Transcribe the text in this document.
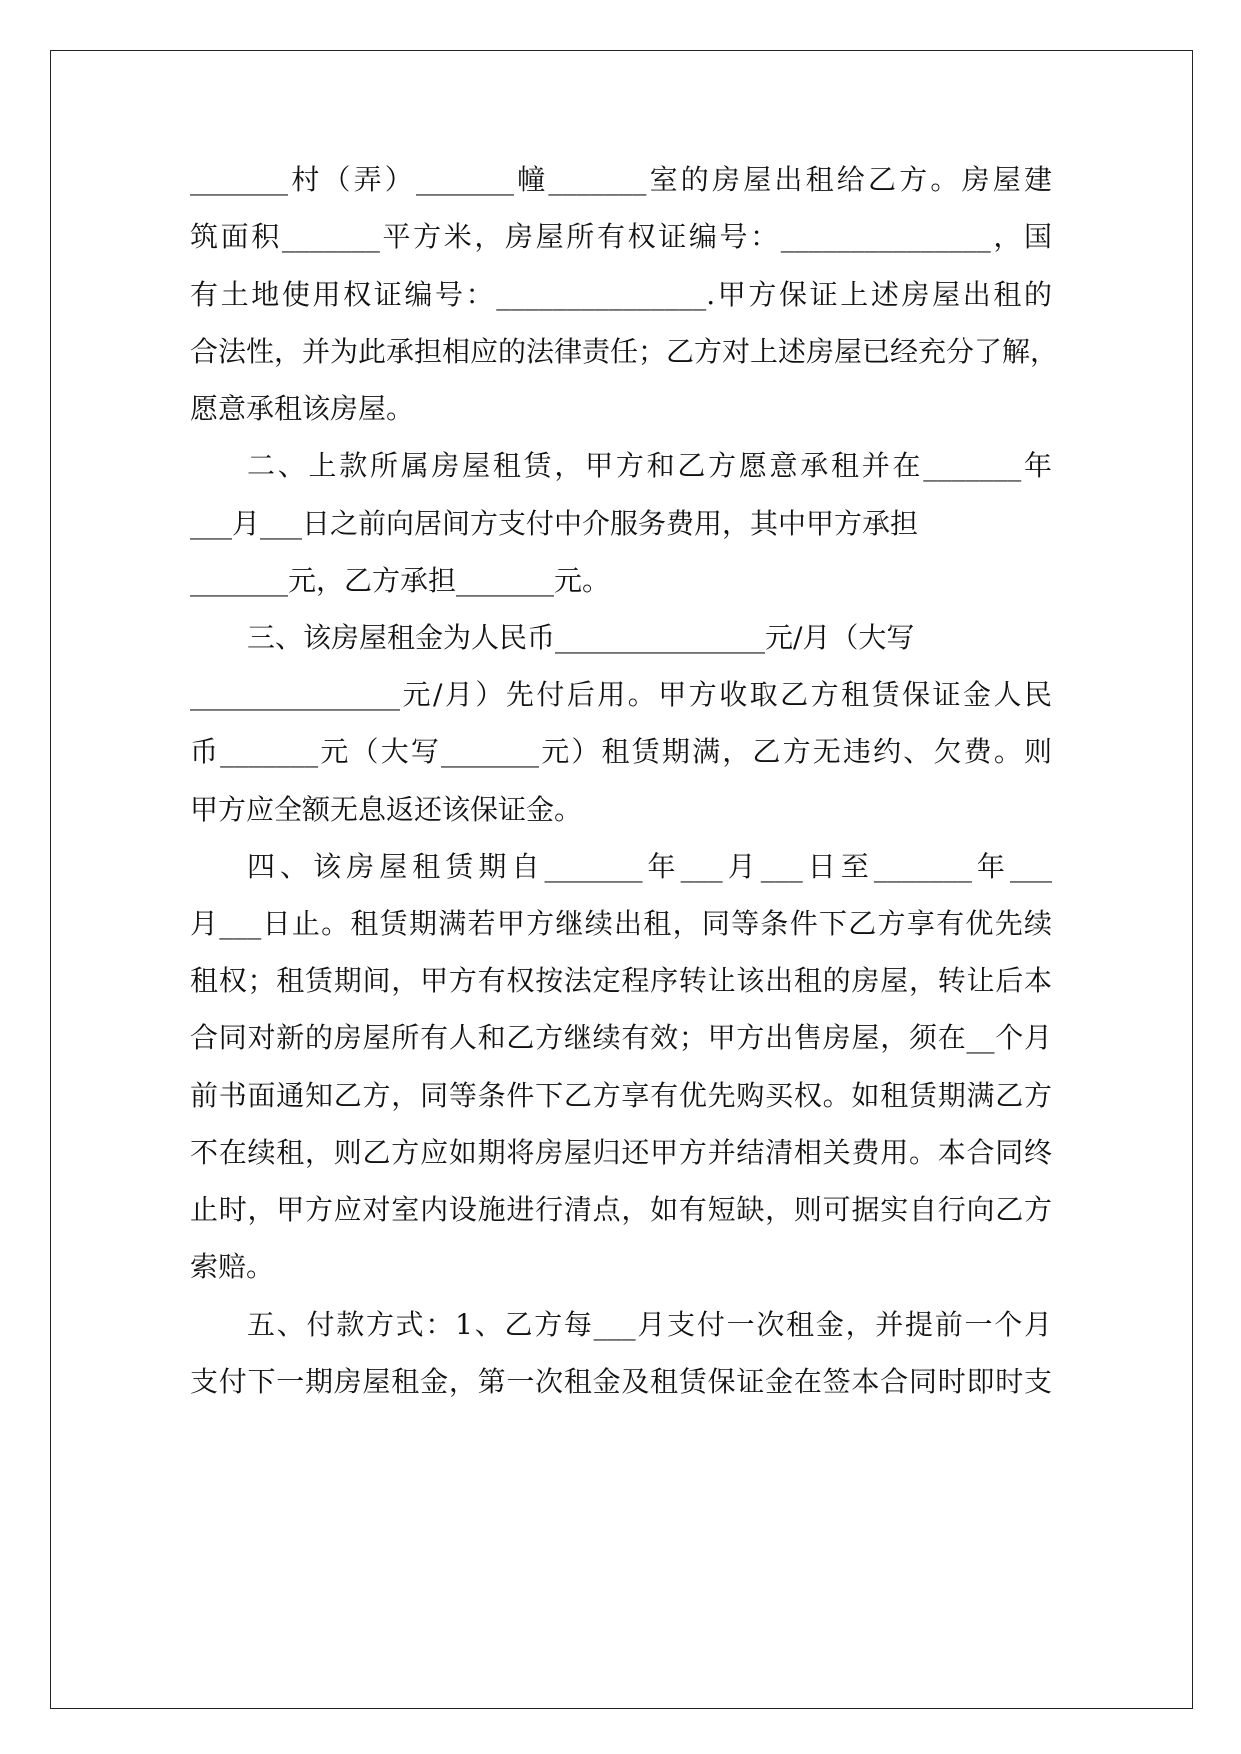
_______村（弄）_______幢_______室的房屋出租给乙方。房屋建
筑面积_______平方米，房屋所有权证编号：_______________，国
有土地使用权证编号：_______________.甲方保证上述房屋出租的
合法性，并为此承担相应的法律责任；乙方对上述房屋已经充分了解，
愿意承租该房屋。
二、上款所属房屋租赁，甲方和乙方愿意承租并在_______年
___月___日之前向居间方支付中介服务费用，其中甲方承担
_______元，乙方承担_______元。
三、该房屋租金为人民币_______________元/月（大写
_______________元/月）先付后用。甲方收取乙方租赁保证金人民
币_______元（大写_______元）租赁期满，乙方无违约、欠费。则
甲方应全额无息返还该保证金。
四、该房屋租赁期自_______年___月___日至_______年___
月___日止。租赁期满若甲方继续出租，同等条件下乙方享有优先续
租权；租赁期间，甲方有权按法定程序转让该出租的房屋，转让后本
合同对新的房屋所有人和乙方继续有效；甲方出售房屋，须在__个月
前书面通知乙方，同等条件下乙方享有优先购买权。如租赁期满乙方
不在续租，则乙方应如期将房屋归还甲方并结清相关费用。本合同终
止时，甲方应对室内设施进行清点，如有短缺，则可据实自行向乙方
索赔。
五、付款方式：1、乙方每___月支付一次租金，并提前一个月
支付下一期房屋租金，第一次租金及租赁保证金在签本合同时即时支
